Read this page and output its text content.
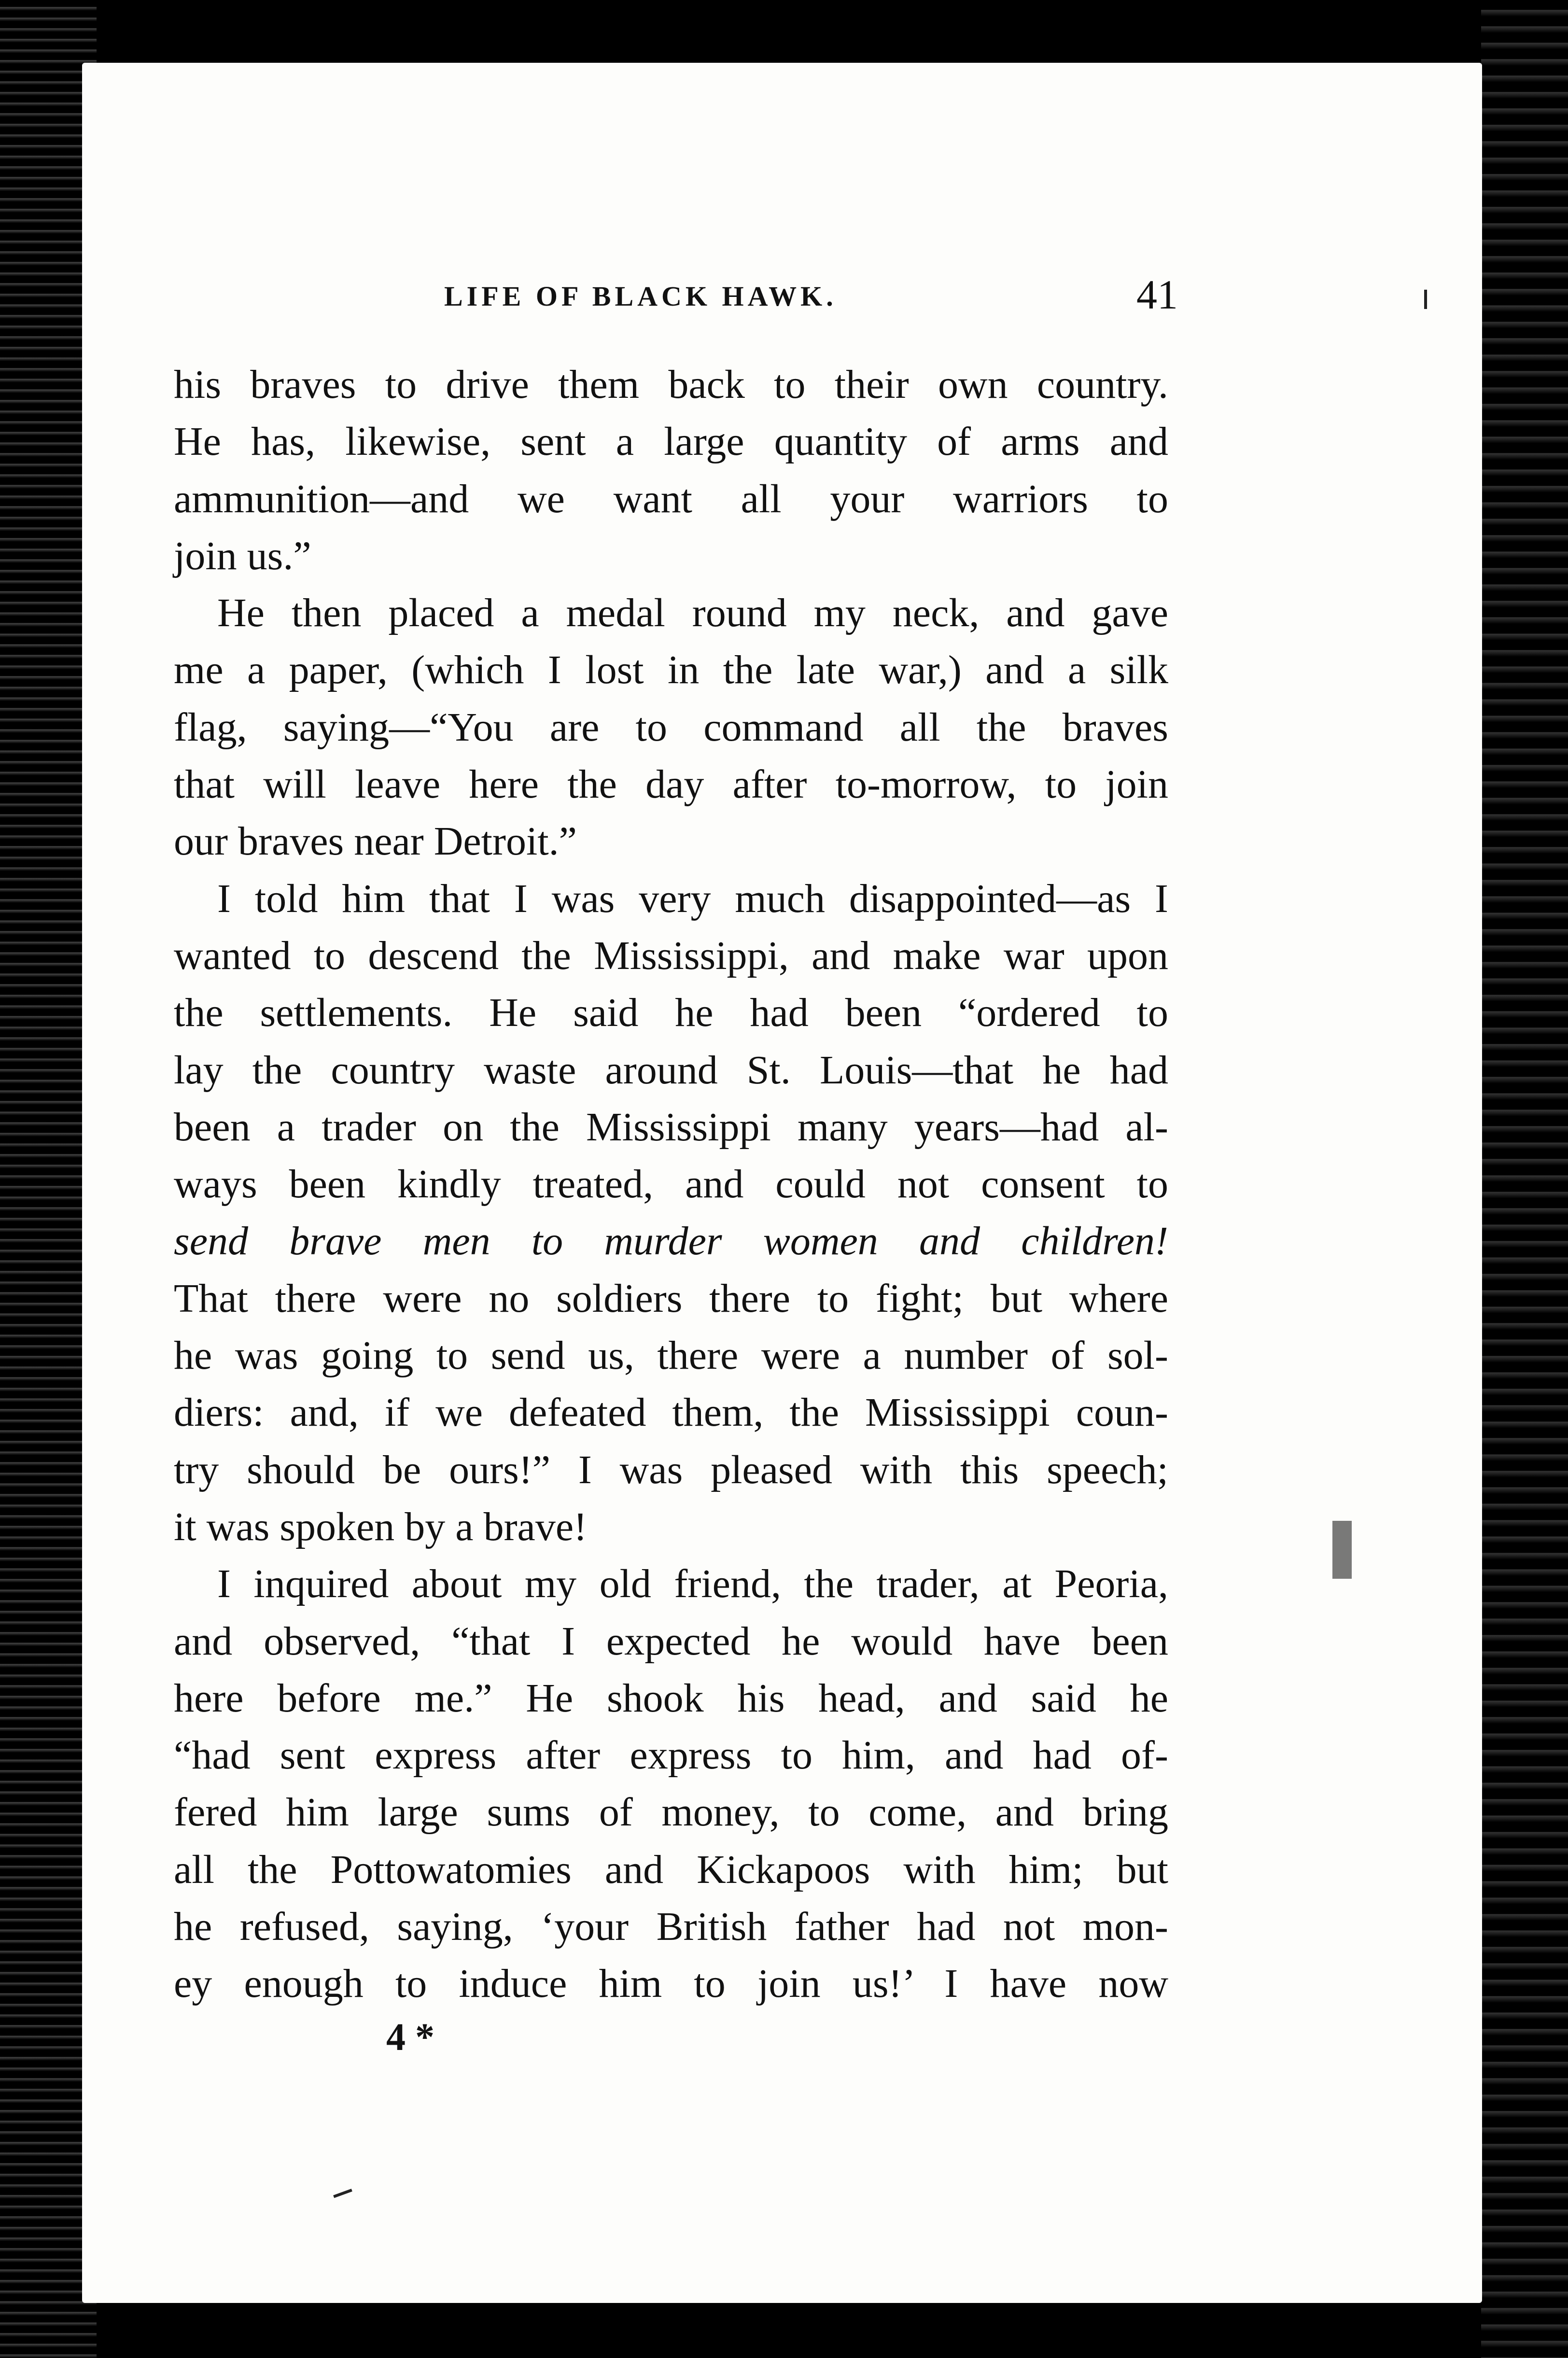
LIFE OF BLACK HAWK.	41
his braves to drive them back to their own country.
He has, likewise, sent a large quantity of arms and
ammunition—and we want all your warriors to
join us.”
He then placed a medal round my neck, and gave
me a paper, (which I lost in the late war,) and a silk
flag, saying—“You are to command all the braves
that will leave here the day after to-morrow, to join
our braves near Detroit.”
I told him that I was very much disappointed—as I
wanted to descend the Mississippi, and make war upon
the settlements. He said he had been “ordered to
lay the country waste around St. Louis—that he had
been a trader on the Mississippi many years—had al-
ways been kindly treated, and could not consent to
send brave men to murder women and children!
That there were no soldiers there to fight; but where
he was going to send us, there were a number of sol-
diers: and, if we defeated them, the Mississippi coun-
try should be ours!” I was pleased with this speech;
it was spoken by a brave!
I inquired about my old friend, the trader, at Peoria,
and observed, “that I expected he would have been
here before me.” He shook his head, and said he
“had sent express after express to him, and had of-
fered him large sums of money, to come, and bring
all the Pottowatomies and Kickapoos with him; but
he refused, saying, ‘your British father had not mon-
ey enough to induce him to join us!’ I have now
4 *
